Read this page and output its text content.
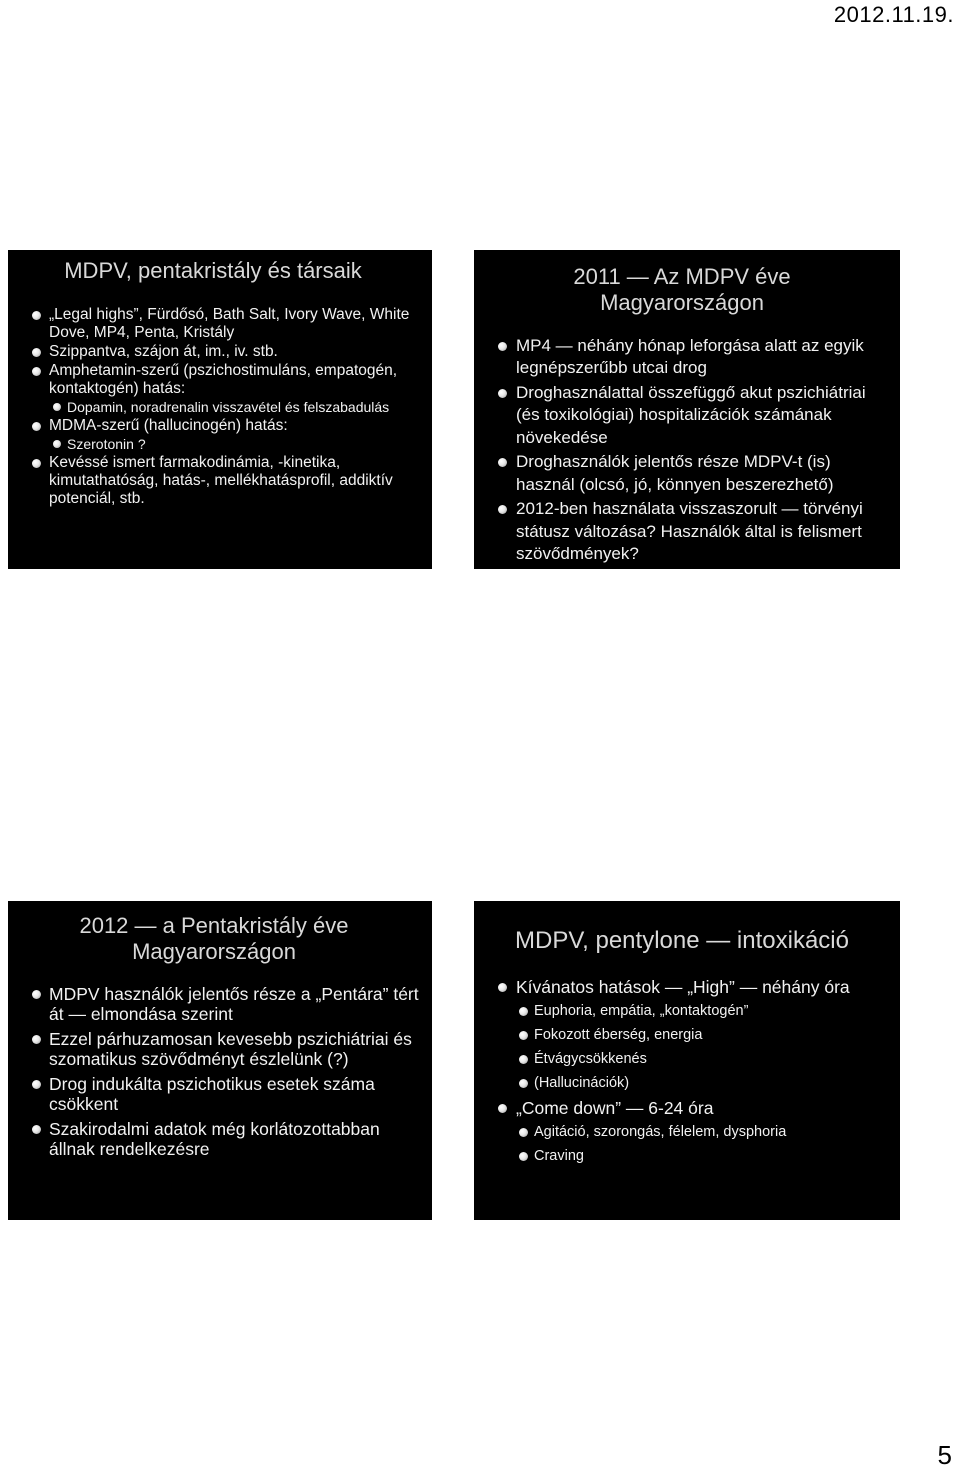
2012.11.19.
MDPV, pentakristály és társaik
„Legal highs”, Fürdősó, Bath Salt, Ivory Wave, White Dove, MP4, Penta, Kristály
Szippantva, szájon át, im., iv. stb.
Amphetamin-szerű (pszichostimuláns, empatogén, kontaktogén) hatás:
Dopamin, noradrenalin visszavétel és felszabadulás
MDMA-szerű (hallucinogén) hatás:
Szerotonin ?
Kevéssé ismert farmakodinámia, -kinetika, kimutathatóság, hatás-, mellékhatásprofil, addiktív potenciál, stb.
2011 — Az MDPV éve
Magyarországon
MP4 — néhány hónap leforgása alatt az egyik legnépszerűbb utcai drog
Droghasználattal összefüggő akut pszichiátriai (és toxikológiai) hospitalizációk számának növekedése
Droghasználók jelentős része MDPV-t (is) használ (olcsó, jó, könnyen beszerezhető)
2012-ben használata visszaszorult — törvényi státusz változása? Használók által is felismert szövődmények?
2012 — a Pentakristály éve
Magyarországon
MDPV használók jelentős része a „Pentára” tért át — elmondása szerint
Ezzel párhuzamosan kevesebb pszichiátriai és szomatikus szövődményt észlelünk (?)
Drog indukálta pszichotikus esetek száma csökkent
Szakirodalmi adatok még korlátozottabban állnak rendelkezésre
MDPV, pentylone — intoxikáció
Kívánatos hatások — „High” — néhány óra
Euphoria, empátia, „kontaktogén”
Fokozott éberség, energia
Étvágycsökkenés
(Hallucinációk)
„Come down” — 6-24 óra
Agitáció, szorongás, félelem, dysphoria
Craving
5
